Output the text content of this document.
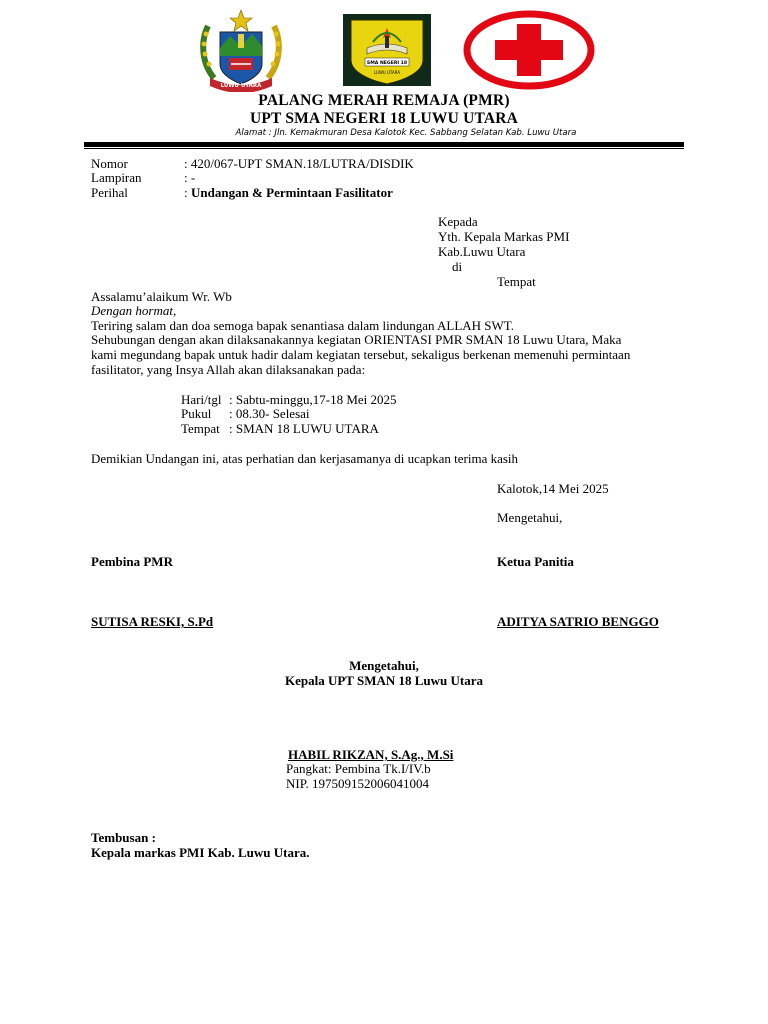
LUWU UTARA
SMA NEGERI 18
LUWU UTARA
PALANG MERAH REMAJA (PMR)
UPT SMA NEGERI 18 LUWU UTARA
Alamat : Jln. Kemakmuran Desa Kalotok Kec. Sabbang Selatan Kab. Luwu Utara
Nomor	: 420/067-UPT SMAN.18/LUTRA/DISDIK
Lampiran	: -
Perihal	: Undangan & Permintaan Fasilitator
Kepada
Yth. Kepala Markas PMI
Kab.Luwu Utara
di
Tempat
Assalamu’alaikum Wr. Wb
Dengan hormat,
Teriring salam dan doa semoga bapak senantiasa dalam lindungan ALLAH SWT.
Sehubungan dengan akan dilaksanakannya kegiatan ORIENTASI PMR SMAN 18 Luwu Utara, Maka
kami megundang bapak untuk hadir dalam kegiatan tersebut, sekaligus berkenan memenuhi permintaan
fasilitator, yang Insya Allah akan dilaksanakan pada:
Hari/tgl : Sabtu-minggu,17-18 Mei 2025
Pukul : 08.30- Selesai
Tempat : SMAN 18 LUWU UTARA
Demikian Undangan ini, atas perhatian dan kerjasamanya di ucapkan terima kasih
Kalotok,14 Mei 2025
Mengetahui,
Pembina PMR	Ketua Panitia
SUTISA RESKI, S.Pd	ADITYA SATRIO BENGGO
Mengetahui,
Kepala UPT SMAN 18 Luwu Utara
HABIL RIKZAN, S.Ag., M.Si
Pangkat: Pembina Tk.I/IV.b
NIP. 197509152006041004
Tembusan :
Kepala markas PMI Kab. Luwu Utara.
